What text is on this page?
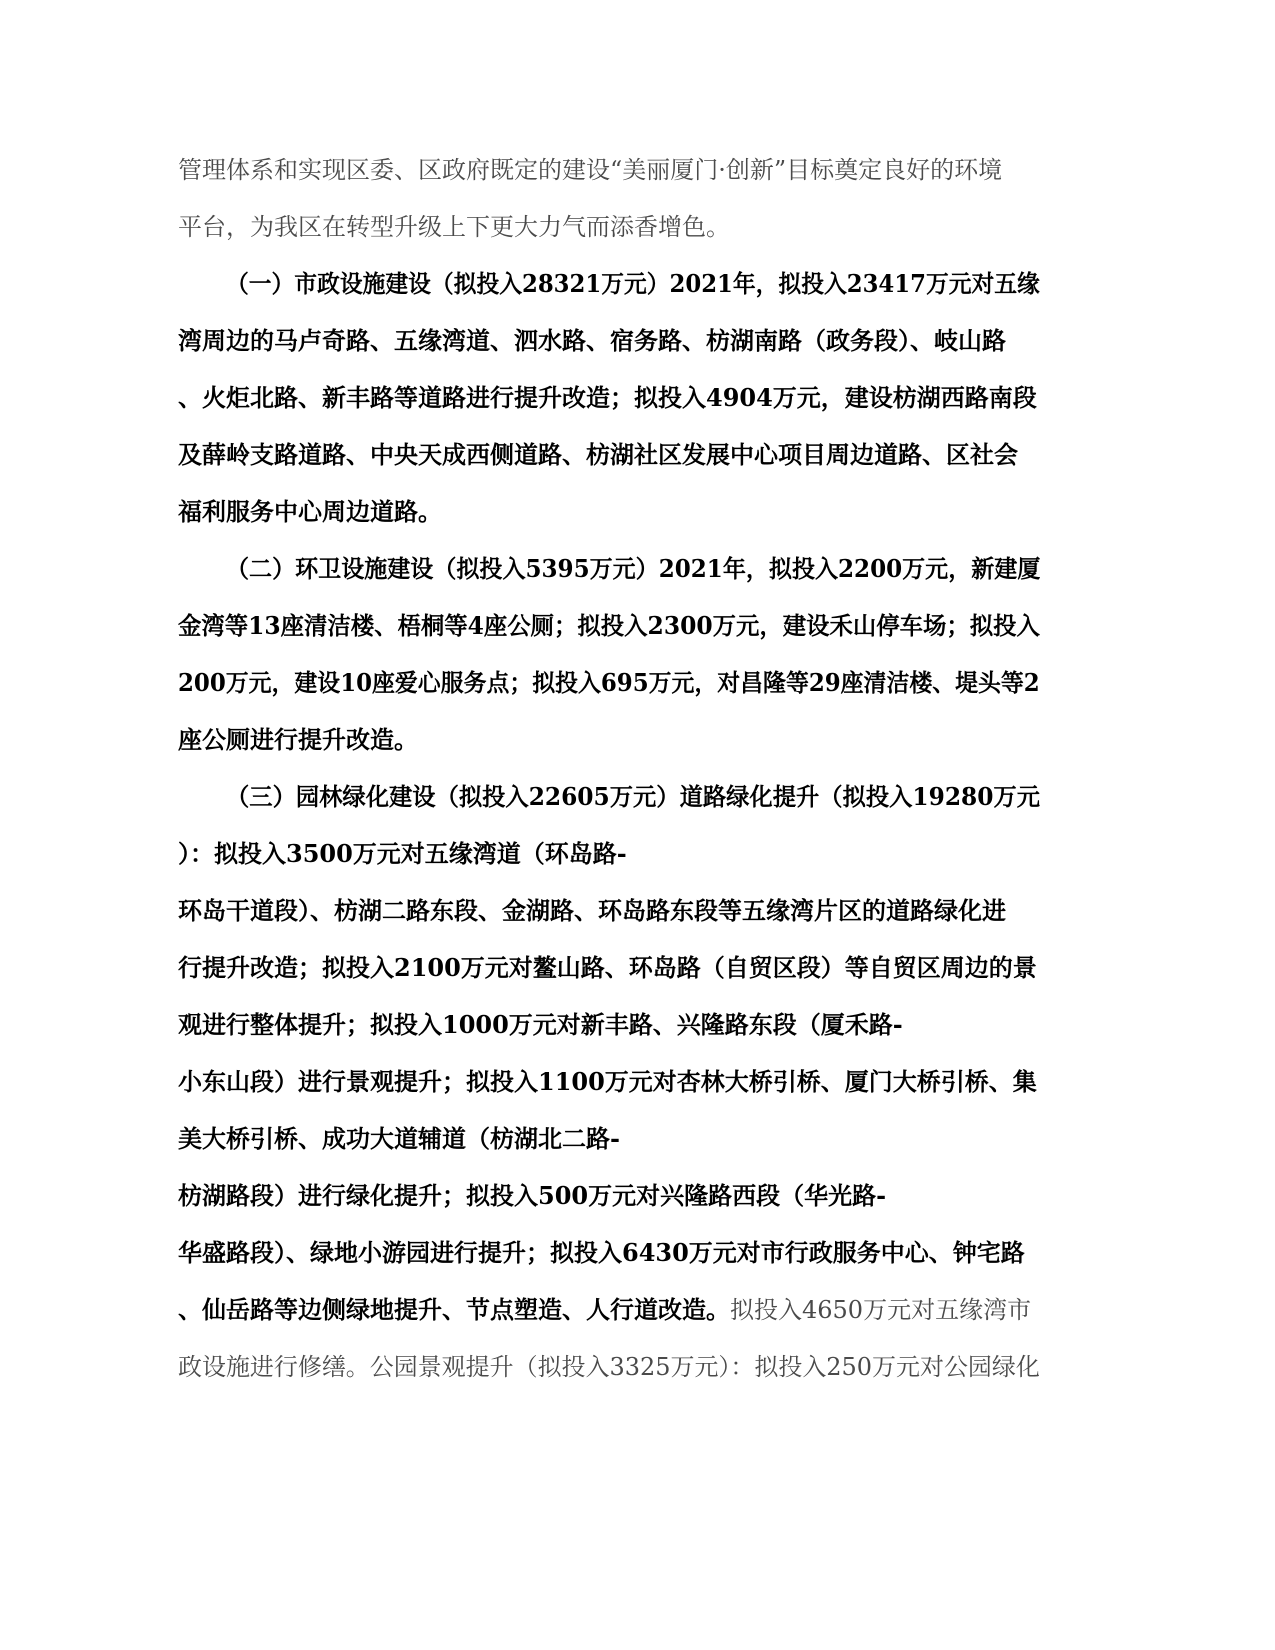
管理体系和实现区委、区政府既定的建设“美丽厦门·创新”目标奠定良好的环境
平台，为我区在转型升级上下更大力气而添香增色。
（一）市政设施建设（拟投入28321万元）2021年，拟投入23417万元对五缘
湾周边的马卢奇路、五缘湾道、泗水路、宿务路、枋湖南路（政务段）、岐山路
、火炬北路、新丰路等道路进行提升改造；拟投入4904万元，建设枋湖西路南段
及薛岭支路道路、中央天成西侧道路、枋湖社区发展中心项目周边道路、区社会
福利服务中心周边道路。
（二）环卫设施建设（拟投入5395万元）2021年，拟投入2200万元，新建厦
金湾等13座清洁楼、梧桐等4座公厕；拟投入2300万元，建设禾山停车场；拟投入
200万元，建设10座爱心服务点；拟投入695万元，对昌隆等29座清洁楼、堤头等2
座公厕进行提升改造。
（三）园林绿化建设（拟投入22605万元）道路绿化提升（拟投入19280万元
）：拟投入3500万元对五缘湾道（环岛路-
环岛干道段）、枋湖二路东段、金湖路、环岛路东段等五缘湾片区的道路绿化进
行提升改造；拟投入2100万元对鳌山路、环岛路（自贸区段）等自贸区周边的景
观进行整体提升；拟投入1000万元对新丰路、兴隆路东段（厦禾路-
小东山段）进行景观提升；拟投入1100万元对杏林大桥引桥、厦门大桥引桥、集
美大桥引桥、成功大道辅道（枋湖北二路-
枋湖路段）进行绿化提升；拟投入500万元对兴隆路西段（华光路-
华盛路段）、绿地小游园进行提升；拟投入6430万元对市行政服务中心、钟宅路
、仙岳路等边侧绿地提升、节点塑造、人行道改造。拟投入4650万元对五缘湾市
政设施进行修缮。公园景观提升（拟投入3325万元）：拟投入250万元对公园绿化
